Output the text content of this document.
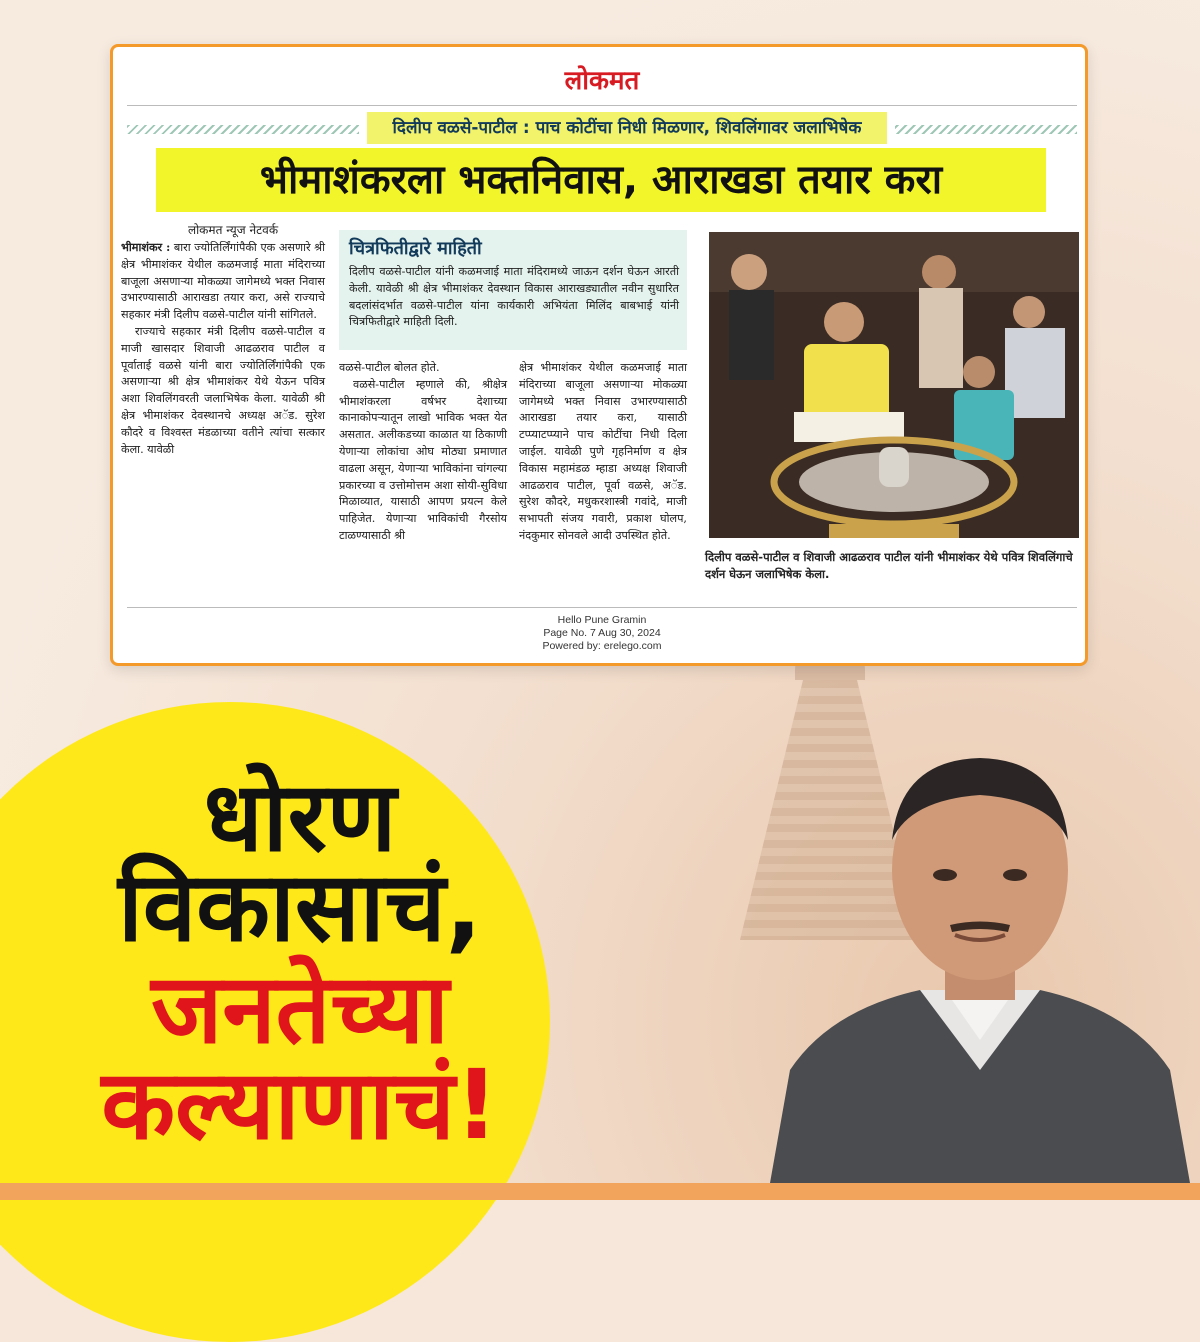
लोकमत
दिलीप वळसे-पाटील : पाच कोटींचा निधी मिळणार, शिवलिंगावर जलाभिषेक
भीमाशंकरला भक्तनिवास, आराखडा तयार करा
लोकमत न्यूज नेटवर्क

भीमाशंकर : बारा ज्योतिर्लिंगांपैकी एक असणारे श्री क्षेत्र भीमाशंकर येथील कळमजाई माता मंदिराच्या बाजूला असणाऱ्या मोकळ्या जागेमध्ये भक्त निवास उभारण्यासाठी आराखडा तयार करा, असे राज्याचे सहकार मंत्री दिलीप वळसे-पाटील यांनी सांगितले.

राज्याचे सहकार मंत्री दिलीप वळसे-पाटील व माजी खासदार शिवाजी आढळराव पाटील व पूर्वाताई वळसे यांनी बारा ज्योतिर्लिंगांपैकी एक असणाऱ्या श्री क्षेत्र भीमाशंकर येथे येऊन पवित्र अशा शिवलिंगवरती जलाभिषेक केला. यावेळी श्री क्षेत्र भीमाशंकर देवस्थानचे अध्यक्ष अॅड. सुरेश कौदरे व विश्वस्त मंडळाच्या वतीने त्यांचा सत्कार केला. यावेळी

चित्रफितीद्वारे माहिती
दिलीप वळसे-पाटील यांनी कळमजाई माता मंदिरामध्ये जाऊन दर्शन घेऊन आरती केली. यावेळी श्री क्षेत्र भीमाशंकर देवस्थान विकास आराखड्यातील नवीन सुधारित बदलांसंदर्भात वळसे-पाटील यांना कार्यकारी अभियंता मिलिंद बाबभाई यांनी चित्रफितीद्वारे माहिती दिली.

वळसे-पाटील बोलत होते.

वळसे-पाटील म्हणाले की, श्रीक्षेत्र भीमाशंकरला वर्षभर देशाच्या कानाकोपऱ्यातून लाखो भाविक भक्त येत असतात. अलीकडच्या काळात या ठिकाणी येणाऱ्या लोकांचा ओघ मोठ्या प्रमाणात वाढला असून, येणाऱ्या भाविकांना चांगल्या प्रकारच्या व उत्तोमोत्तम अशा सोयी-सुविधा मिळाव्यात, यासाठी आपण प्रयत्न केले पाहिजेत. येणाऱ्या भाविकांची गैरसोय टाळण्यासाठी श्री

क्षेत्र भीमाशंकर येथील कळमजाई माता मंदिराच्या बाजूला असणाऱ्या मोकळ्या जागेमध्ये भक्त निवास उभारण्यासाठी आराखडा तयार करा, यासाठी टप्प्याटप्प्याने पाच कोटींचा निधी दिला जाईल. यावेळी पुणे गृहनिर्माण व क्षेत्र विकास महामंडळ म्हाडा अध्यक्ष शिवाजी आढळराव पाटील, पूर्वा वळसे, अॅड. सुरेश कौदरे, मधुकरशास्त्री गवांदे, माजी सभापती संजय गवारी, प्रकाश घोलप, नंदकुमार सोनवले आदी उपस्थित होते.

दिलीप वळसे-पाटील व शिवाजी आढळराव पाटील यांनी भीमाशंकर येथे पवित्र शिवलिंगाचे दर्शन घेऊन जलाभिषेक केला.
Hello Pune Gramin
Page No. 7 Aug 30, 2024
Powered by: erelego.com
धोरण
विकासाचं,
जनतेच्या
कल्याणाचं!
